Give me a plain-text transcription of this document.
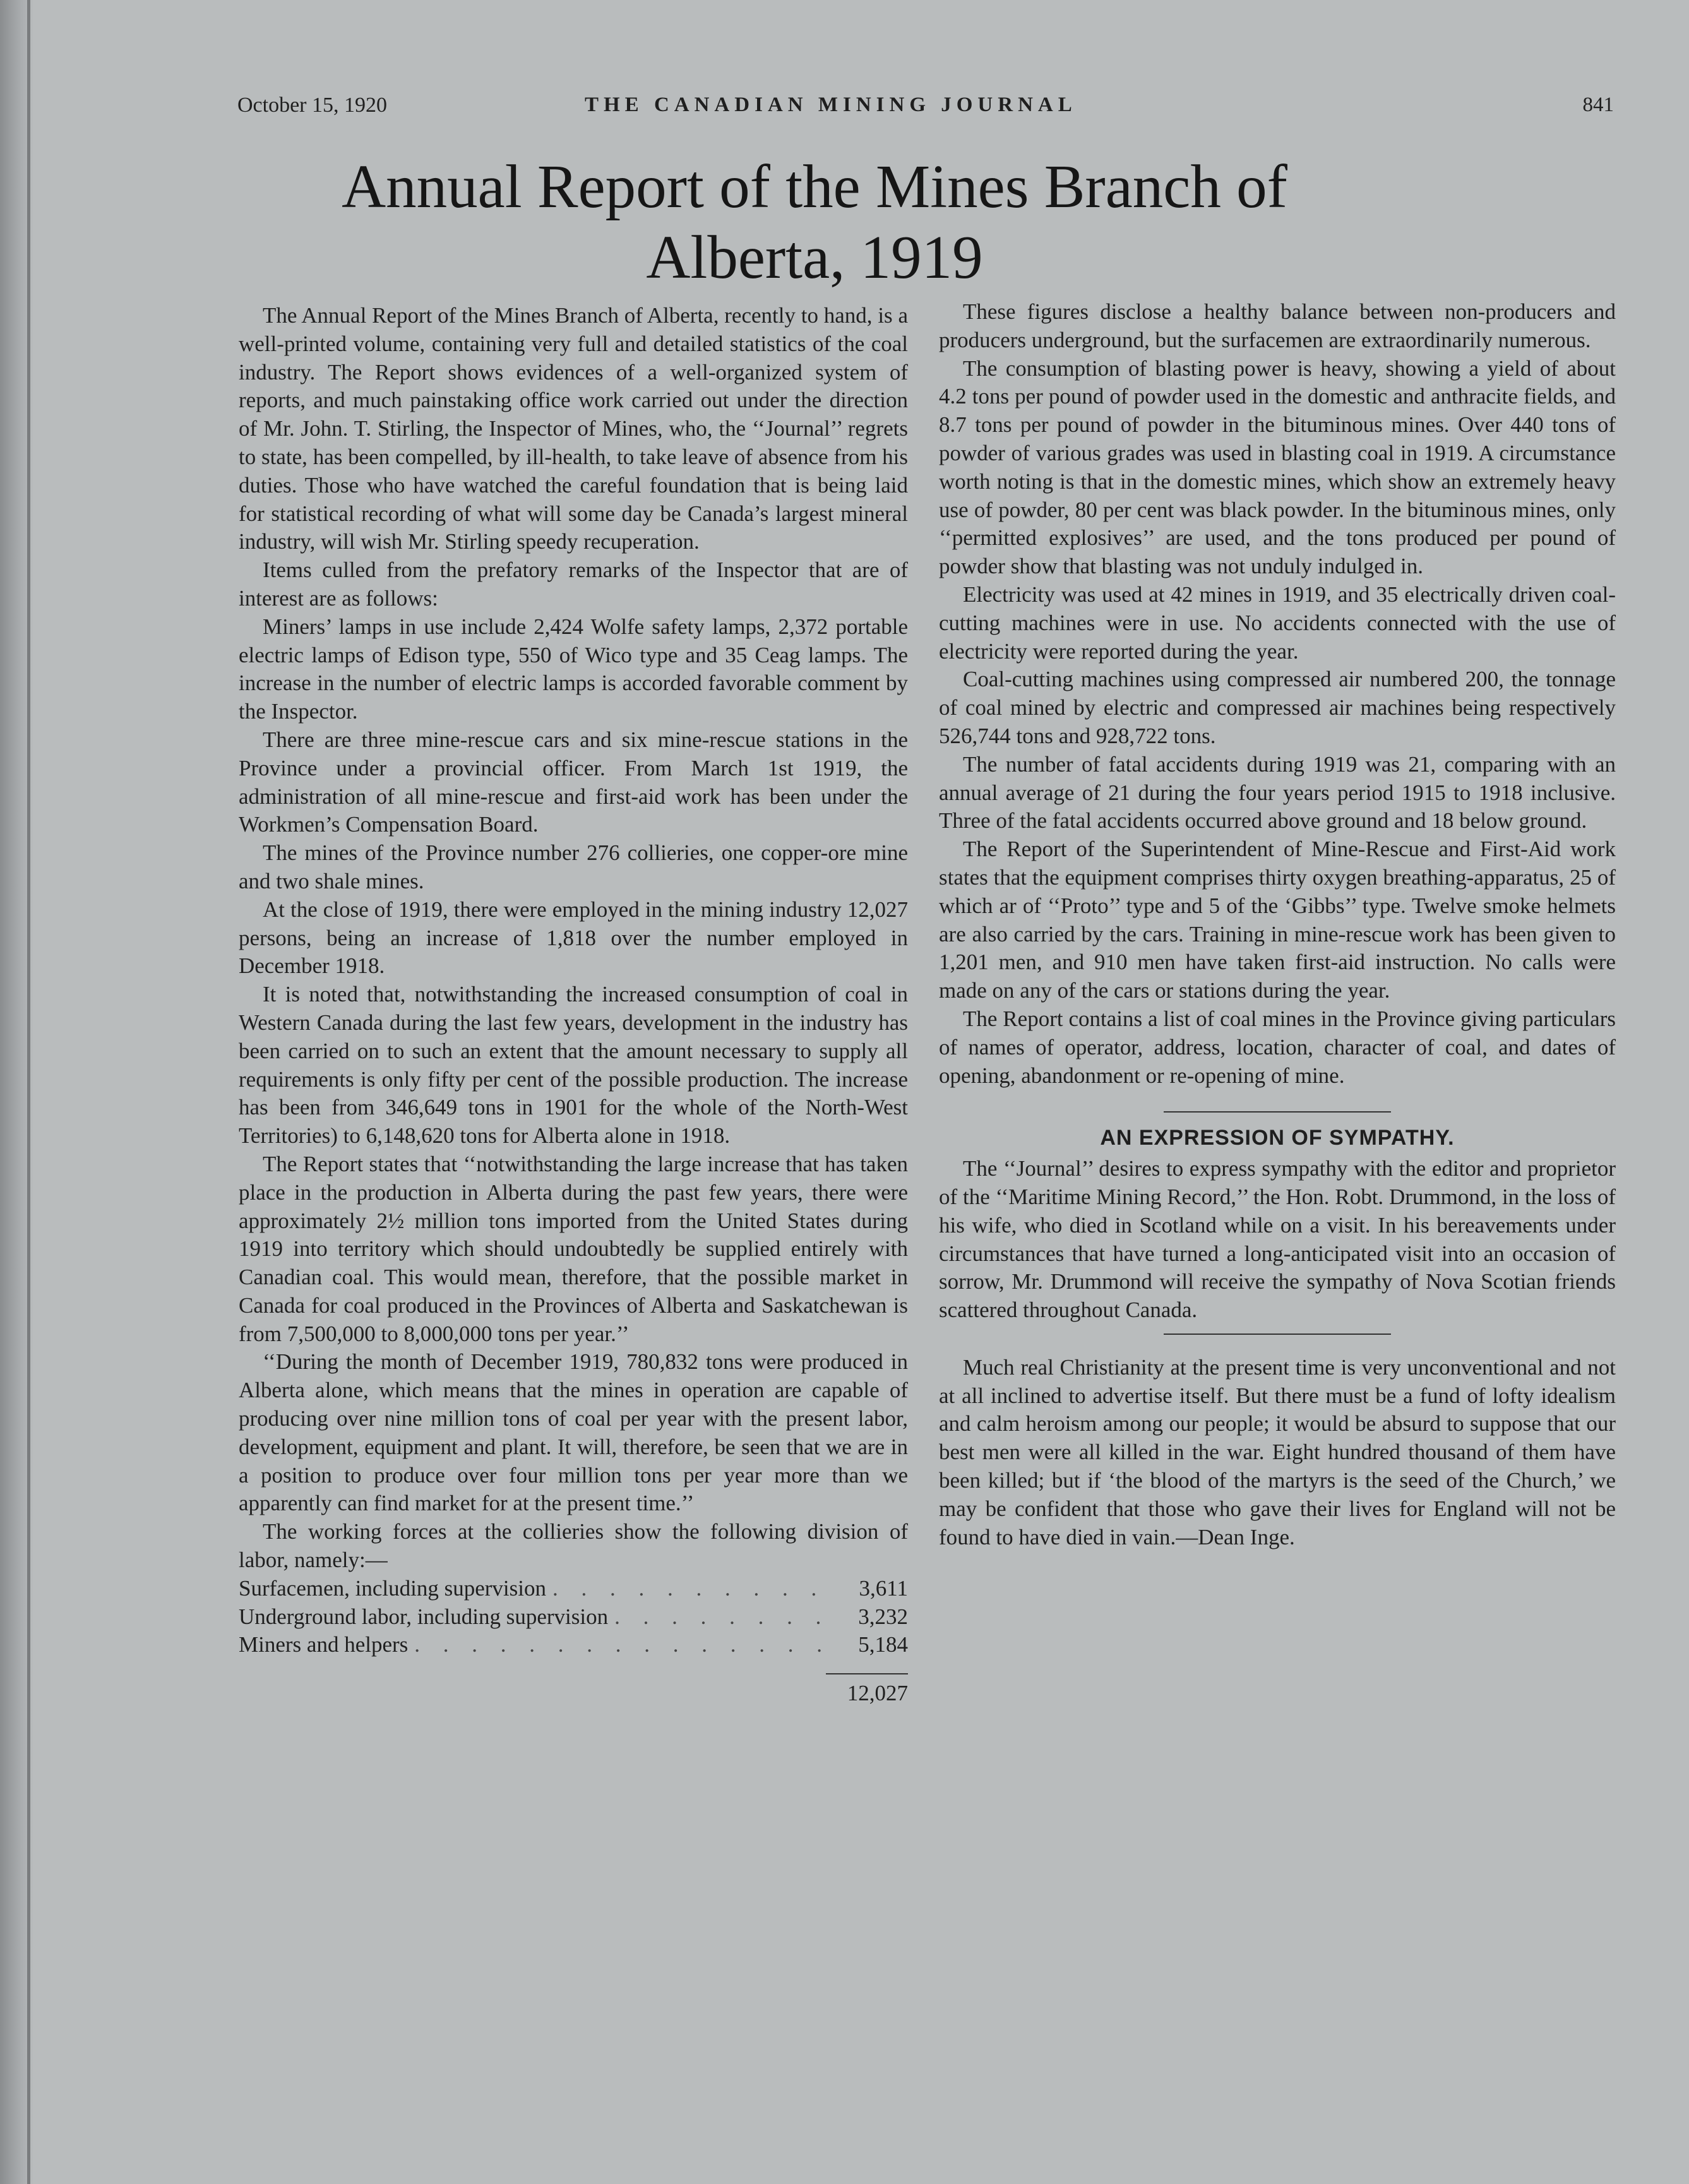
October 15, 1920	THE CANADIAN MINING JOURNAL	841
Annual Report of the Mines Branch of Alberta, 1919

The Annual Report of the Mines Branch of Alberta, recently to hand, is a well-printed volume, containing very full and detailed statistics of the coal industry. The Report shows evidences of a well-organized system of reports, and much painstaking office work carried out under the direction of Mr. John. T. Stirling, the Inspector of Mines, who, the ‘‘Journal’’ regrets to state, has been compelled, by ill-health, to take leave of absence from his duties. Those who have watched the careful foundation that is being laid for statistical recording of what will some day be Canada’s largest mineral industry, will wish Mr. Stirling speedy recuperation.

Items culled from the prefatory remarks of the Inspector that are of interest are as follows:

Miners’ lamps in use include 2,424 Wolfe safety lamps, 2,372 portable electric lamps of Edison type, 550 of Wico type and 35 Ceag lamps. The increase in the number of electric lamps is accorded favorable comment by the Inspector.

There are three mine-rescue cars and six mine-rescue stations in the Province under a provincial officer. From March 1st 1919, the administration of all mine-rescue and first-aid work has been under the Workmen’s Compensation Board.

The mines of the Province number 276 collieries, one copper-ore mine and two shale mines.

At the close of 1919, there were employed in the mining industry 12,027 persons, being an increase of 1,818 over the number employed in December 1918.

It is noted that, notwithstanding the increased consumption of coal in Western Canada during the last few years, development in the industry has been carried on to such an extent that the amount necessary to supply all requirements is only fifty per cent of the possible production. The increase has been from 346,649 tons in 1901 for the whole of the North-West Territories) to 6,148,620 tons for Alberta alone in 1918.

The Report states that ‘‘notwithstanding the large increase that has taken place in the production in Alberta during the past few years, there were approximately 2½ million tons imported from the United States during 1919 into territory which should undoubtedly be supplied entirely with Canadian coal. This would mean, therefore, that the possible market in Canada for coal produced in the Provinces of Alberta and Saskatchewan is from 7,500,000 to 8,000,000 tons per year.’’

‘‘During the month of December 1919, 780,832 tons were produced in Alberta alone, which means that the mines in operation are capable of producing over nine million tons of coal per year with the present labor, development, equipment and plant. It will, therefore, be seen that we are in a position to produce over four million tons per year more than we apparently can find market for at the present time.’’

The working forces at the collieries show the following division of labor, namely:—

Surfacemen, including supervision . . .	3,611
Underground labor, including supervision . . .	3,232
Miners and helpers . . .	5,184
12,027

These figures disclose a healthy balance between non-producers and producers underground, but the surfacemen are extraordinarily numerous.

The consumption of blasting power is heavy, showing a yield of about 4.2 tons per pound of powder used in the domestic and anthracite fields, and 8.7 tons per pound of powder in the bituminous mines. Over 440 tons of powder of various grades was used in blasting coal in 1919. A circumstance worth noting is that in the domestic mines, which show an extremely heavy use of powder, 80 per cent was black powder. In the bituminous mines, only ‘‘permitted explosives’’ are used, and the tons produced per pound of powder show that blasting was not unduly indulged in.

Electricity was used at 42 mines in 1919, and 35 electrically driven coal-cutting machines were in use. No accidents connected with the use of electricity were reported during the year.

Coal-cutting machines using compressed air numbered 200, the tonnage of coal mined by electric and compressed air machines being respectively 526,744 tons and 928,722 tons.

The number of fatal accidents during 1919 was 21, comparing with an annual average of 21 during the four years period 1915 to 1918 inclusive. Three of the fatal accidents occurred above ground and 18 below ground.

The Report of the Superintendent of Mine-Rescue and First-Aid work states that the equipment comprises thirty oxygen breathing-apparatus, 25 of which ar of ‘‘Proto’’ type and 5 of the ‘Gibbs’’ type. Twelve smoke helmets are also carried by the cars. Training in mine-rescue work has been given to 1,201 men, and 910 men have taken first-aid instruction. No calls were made on any of the cars or stations during the year.

The Report contains a list of coal mines in the Province giving particulars of names of operator, address, location, character of coal, and dates of opening, abandonment or re-opening of mine.

AN EXPRESSION OF SYMPATHY.

The ‘‘Journal’’ desires to express sympathy with the editor and proprietor of the ‘‘Maritime Mining Record,’’ the Hon. Robt. Drummond, in the loss of his wife, who died in Scotland while on a visit. In his bereavements under circumstances that have turned a long-anticipated visit into an occasion of sorrow, Mr. Drummond will receive the sympathy of Nova Scotian friends scattered throughout Canada.

Much real Christianity at the present time is very unconventional and not at all inclined to advertise itself. But there must be a fund of lofty idealism and calm heroism among our people; it would be absurd to suppose that our best men were all killed in the war. Eight hundred thousand of them have been killed; but if ‘the blood of the martyrs is the seed of the Church,’ we may be confident that those who gave their lives for England will not be found to have died in vain.—Dean Inge.
